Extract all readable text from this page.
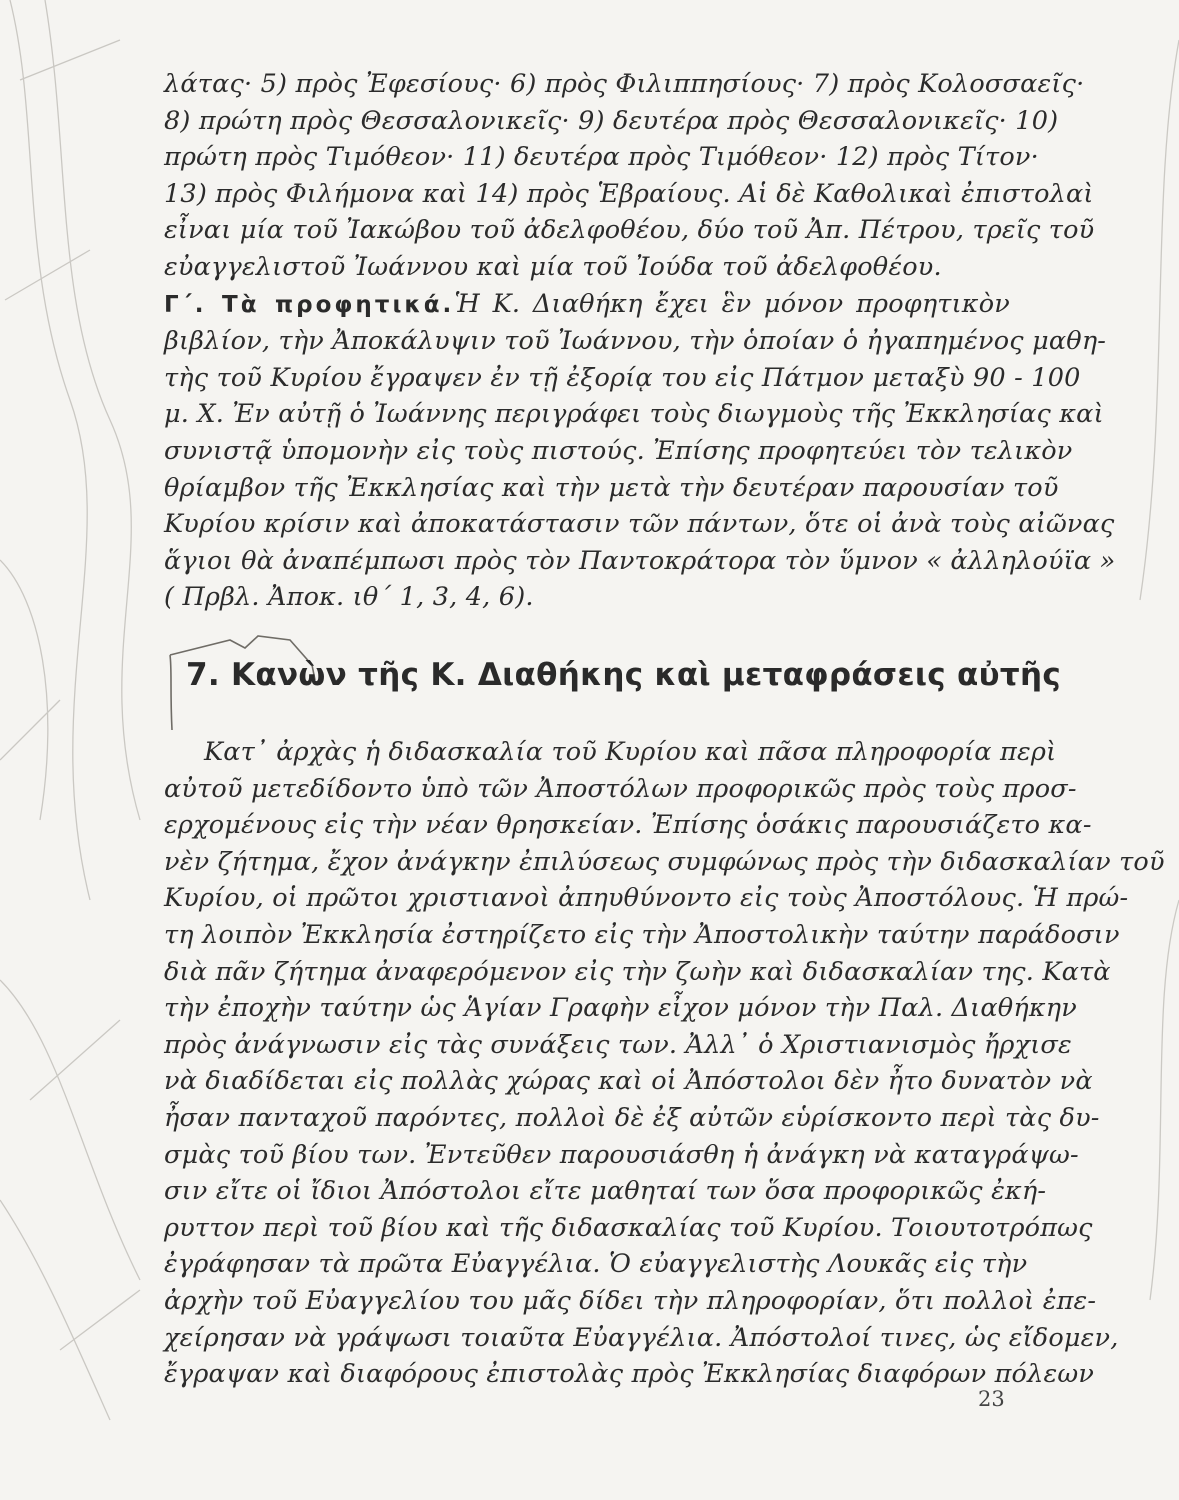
λάτας· 5) πρὸς Ἐφεσίους· 6) πρὸς Φιλιππησίους· 7) πρὸς Κολοσσαεῖς·
8) πρώτη πρὸς Θεσσαλονικεῖς· 9) δευτέρα πρὸς Θεσσαλονικεῖς· 10)
πρώτη πρὸς Τιμόθεον· 11) δευτέρα πρὸς Τιμόθεον· 12) πρὸς Τίτον·
13) πρὸς Φιλήμονα καὶ 14) πρὸς Ἑβραίους. Αἱ δὲ Καθολικαὶ ἐπιστολαὶ
εἶναι μία τοῦ Ἰακώβου τοῦ ἀδελφοθέου, δύο τοῦ Ἀπ. Πέτρου, τρεῖς τοῦ
εὐαγγελιστοῦ Ἰωάννου καὶ μία τοῦ Ἰούδα τοῦ ἀδελφοθέου.
Γ΄. Τὰ προφητικά.Ἡ Κ. Διαθήκη ἔχει ἓν μόνον προφητικὸν
βιβλίον, τὴν Ἀποκάλυψιν τοῦ Ἰωάννου, τὴν ὁποίαν ὁ ἠγαπημένος μαθη-
τὴς τοῦ Κυρίου ἔγραψεν ἐν τῇ ἐξορίᾳ του εἰς Πάτμον μεταξὺ 90 - 100
μ. Χ. Ἐν αὐτῇ ὁ Ἰωάννης περιγράφει τοὺς διωγμοὺς τῆς Ἐκκλησίας καὶ
συνιστᾷ ὑπομονὴν εἰς τοὺς πιστούς. Ἐπίσης προφητεύει τὸν τελικὸν
θρίαμβον τῆς Ἐκκλησίας καὶ τὴν μετὰ τὴν δευτέραν παρουσίαν τοῦ
Κυρίου κρίσιν καὶ ἀποκατάστασιν τῶν πάντων, ὅτε οἱ ἀνὰ τοὺς αἰῶνας
ἅγιοι θὰ ἀναπέμπωσι πρὸς τὸν Παντοκράτορα τὸν ὕμνον « ἀλληλούϊα »
( Πρβλ. Ἀποκ. ιθ΄ 1, 3, 4, 6).
7. Κανὼν τῆς Κ. Διαθήκης καὶ μεταφράσεις αὐτῆς
Κατ᾽ ἀρχὰς ἡ διδασκαλία τοῦ Κυρίου καὶ πᾶσα πληροφορία περὶ
αὐτοῦ μετεδίδοντο ὑπὸ τῶν Ἀποστόλων προφορικῶς πρὸς τοὺς προσ-
ερχομένους εἰς τὴν νέαν θρησκείαν. Ἐπίσης ὁσάκις παρουσιάζετο κα-
νὲν ζήτημα, ἔχον ἀνάγκην ἐπιλύσεως συμφώνως πρὸς τὴν διδασκαλίαν τοῦ
Κυρίου, οἱ πρῶτοι χριστιανοὶ ἀπηυθύνοντο εἰς τοὺς Ἀποστόλους. Ἡ πρώ-
τη λοιπὸν Ἐκκλησία ἐστηρίζετο εἰς τὴν Ἀποστολικὴν ταύτην παράδοσιν
διὰ πᾶν ζήτημα ἀναφερόμενον εἰς τὴν ζωὴν καὶ διδασκαλίαν της. Κατὰ
τὴν ἐποχὴν ταύτην ὡς Ἁγίαν Γραφὴν εἶχον μόνον τὴν Παλ. Διαθήκην
πρὸς ἀνάγνωσιν εἰς τὰς συνάξεις των. Ἀλλ᾽ ὁ Χριστιανισμὸς ἤρχισε
νὰ διαδίδεται εἰς πολλὰς χώρας καὶ οἱ Ἀπόστολοι δὲν ἦτο δυνατὸν νὰ
ἦσαν πανταχοῦ παρόντες, πολλοὶ δὲ ἐξ αὐτῶν εὑρίσκοντο περὶ τὰς δυ-
σμὰς τοῦ βίου των. Ἐντεῦθεν παρουσιάσθη ἡ ἀνάγκη νὰ καταγράψω-
σιν εἴτε οἱ ἴδιοι Ἀπόστολοι εἴτε μαθηταί των ὅσα προφορικῶς ἐκή-
ρυττον περὶ τοῦ βίου καὶ τῆς διδασκαλίας τοῦ Κυρίου. Τοιουτοτρόπως
ἐγράφησαν τὰ πρῶτα Εὐαγγέλια. Ὁ εὐαγγελιστὴς Λουκᾶς εἰς τὴν
ἀρχὴν τοῦ Εὐαγγελίου του μᾶς δίδει τὴν πληροφορίαν, ὅτι πολλοὶ ἐπε-
χείρησαν νὰ γράψωσι τοιαῦτα Εὐαγγέλια. Ἀπόστολοί τινες, ὡς εἴδομεν,
ἔγραψαν καὶ διαφόρους ἐπιστολὰς πρὸς Ἐκκλησίας διαφόρων πόλεων
23
